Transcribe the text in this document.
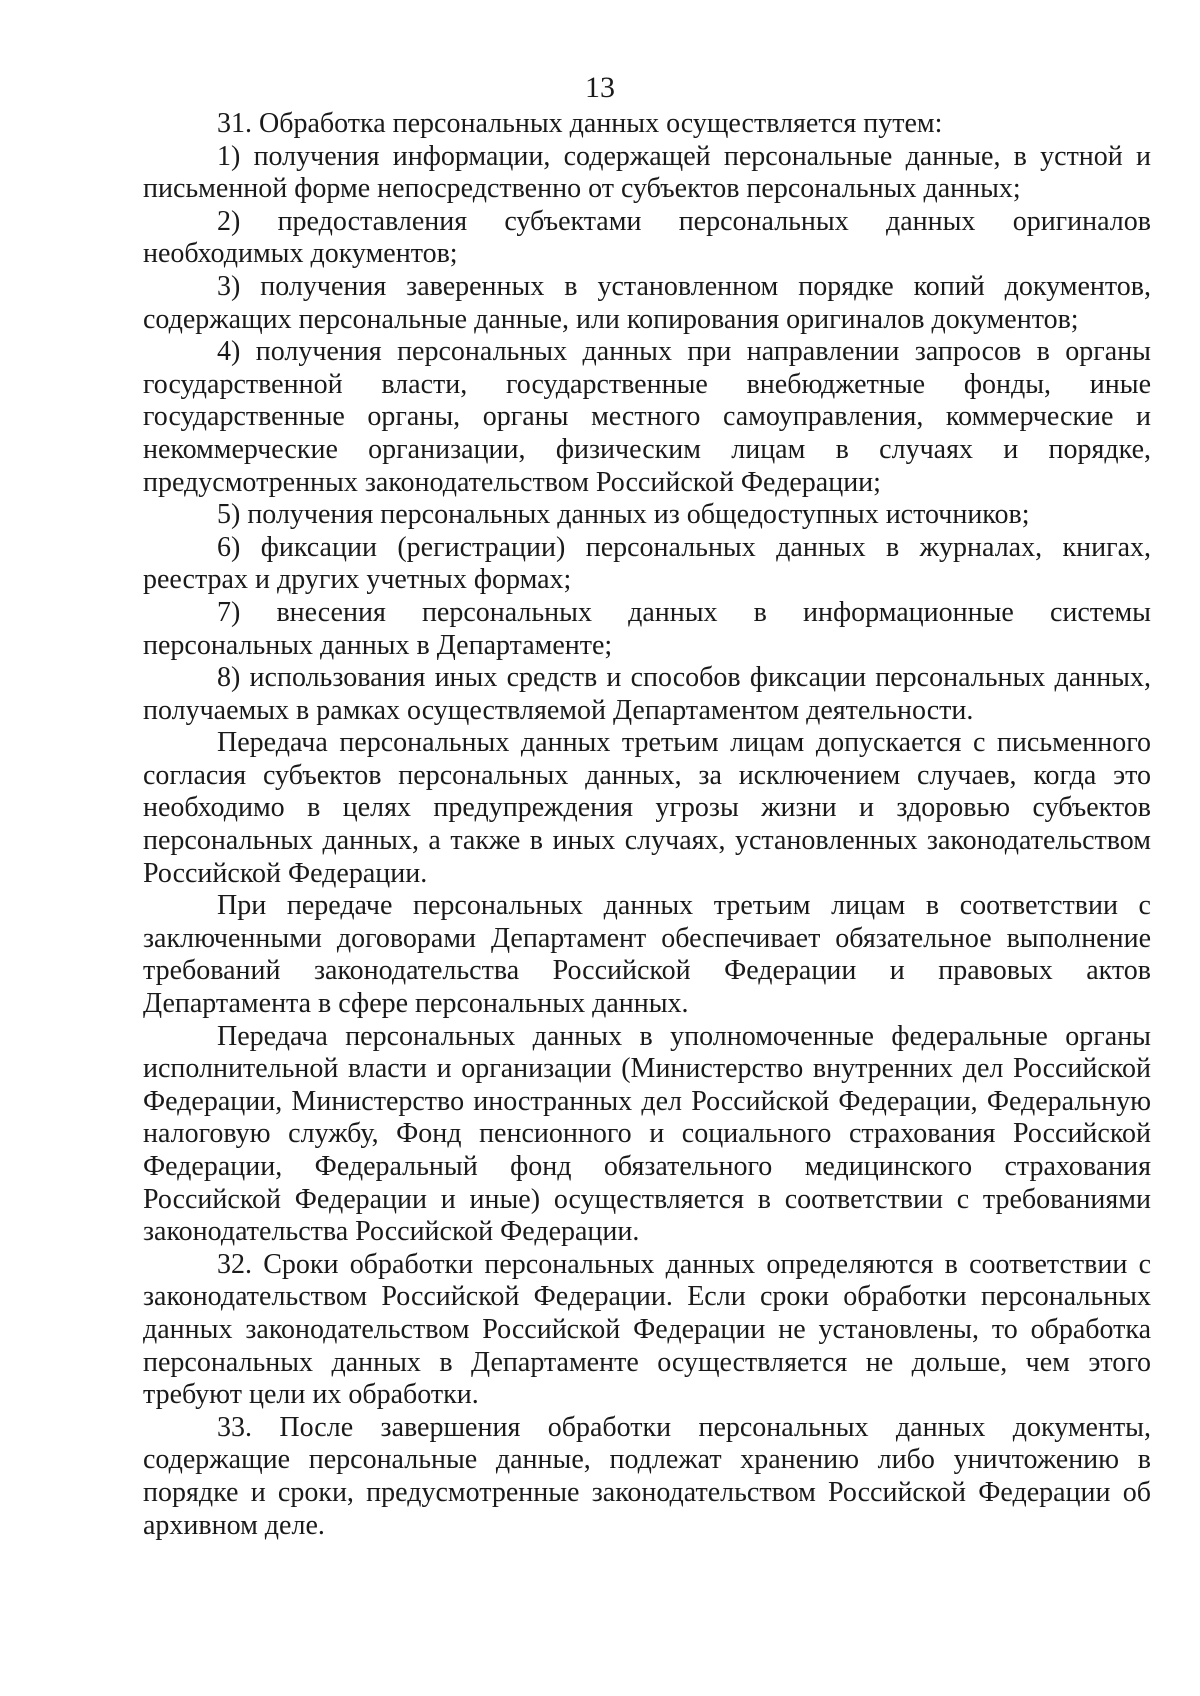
13

31. Обработка персональных данных осуществляется путем:

1) получения информации, содержащей персональные данные, в устной и письменной форме непосредственно от субъектов персональных данных;

2) предоставления субъектами персональных данных оригиналов необходимых документов;

3) получения заверенных в установленном порядке копий документов, содержащих персональные данные, или копирования оригиналов документов;

4) получения персональных данных при направлении запросов в органы государственной власти, государственные внебюджетные фонды, иные государственные органы, органы местного самоуправления, коммерческие и некоммерческие организации, физическим лицам в случаях и порядке, предусмотренных законодательством Российской Федерации;

5) получения персональных данных из общедоступных источников;

6) фиксации (регистрации) персональных данных в журналах, книгах, реестрах и других учетных формах;

7) внесения персональных данных в информационные системы персональных данных в Департаменте;

8) использования иных средств и способов фиксации персональных данных, получаемых в рамках осуществляемой Департаментом деятельности.

Передача персональных данных третьим лицам допускается с письменного согласия субъектов персональных данных, за исключением случаев, когда это необходимо в целях предупреждения угрозы жизни и здоровью субъектов персональных данных, а также в иных случаях, установленных законодательством Российской Федерации.

При передаче персональных данных третьим лицам в соответствии с заключенными договорами Департамент обеспечивает обязательное выполнение требований законодательства Российской Федерации и правовых актов Департамента в сфере персональных данных.

Передача персональных данных в уполномоченные федеральные органы исполнительной власти и организации (Министерство внутренних дел Российской Федерации, Министерство иностранных дел Российской Федерации, Федеральную налоговую службу, Фонд пенсионного и социального страхования Российской Федерации, Федеральный фонд обязательного медицинского страхования Российской Федерации и иные) осуществляется в соответствии с требованиями законодательства Российской Федерации.

32. Сроки обработки персональных данных определяются в соответствии с законодательством Российской Федерации. Если сроки обработки персональных данных законодательством Российской Федерации не установлены, то обработка персональных данных в Департаменте осуществляется не дольше, чем этого требуют цели их обработки.

33. После завершения обработки персональных данных документы, содержащие персональные данные, подлежат хранению либо уничтожению в порядке и сроки, предусмотренные законодательством Российской Федерации об архивном деле.
